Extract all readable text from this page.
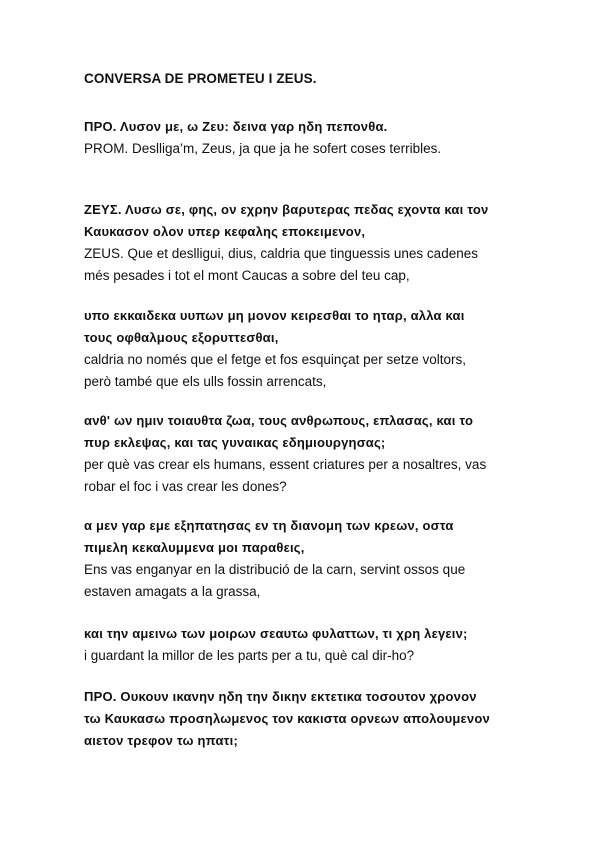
CONVERSA DE PROMETEU I ZEUS.
ΠΡΟ. Λυσον με, ω Ζευ: δεινα γαρ ηδη πεπονθα.
PROM. Deslliga’m, Zeus, ja que ja he sofert coses terribles.
ΖΕΥΣ. Λυσω σε, φης, ον εχρην βαρυτερας πεδας εχοντα και τον
Καυκασον ολον υπερ κεφαλης εποκειμενον,
ZEUS. Que et deslligui, dius, caldria que tinguessis unes cadenes
més pesades i tot el mont Caucas a sobre del teu cap,
υπο εκκαιδεκα υυπων μη μονον κειρεσθαι το ηταρ, αλλα και
τους οφθαλμους εξορυττεσθαι,
caldria no només que el fetge et fos esquinçat per setze voltors,
però també que els ulls fossin arrencats,
ανθ' ων ημιν τοιαυθτα ζωα, τους ανθρωπους, επλασας, και το
πυρ εκλεψας, και τας γυναικας εδημιουργησας;
per què vas crear els humans, essent criatures per a nosaltres, vas
robar el foc i vas crear les dones?
α μεν γαρ εμε εξηπατησας εν τη διανομη των κρεων, οστα
πιμελη κεκαλυμμενα μοι παραθεις,
Ens vas enganyar en la distribució de la carn, servint ossos que
estaven amagats a la grassa,
και την αμεινω των μοιρων σεαυτω φυλαττων, τι χρη λεγειν;
i guardant la millor de les parts per a tu, què cal dir-ho?
ΠΡΟ. Ουκουν ικανην ηδη την δικην εκτετικα τοσουτον χρονον
τω Καυκασω προσηλωμενος τον κακιστα ορνεων απολουμενον
αιετον τρεφον τω ηπατι;
